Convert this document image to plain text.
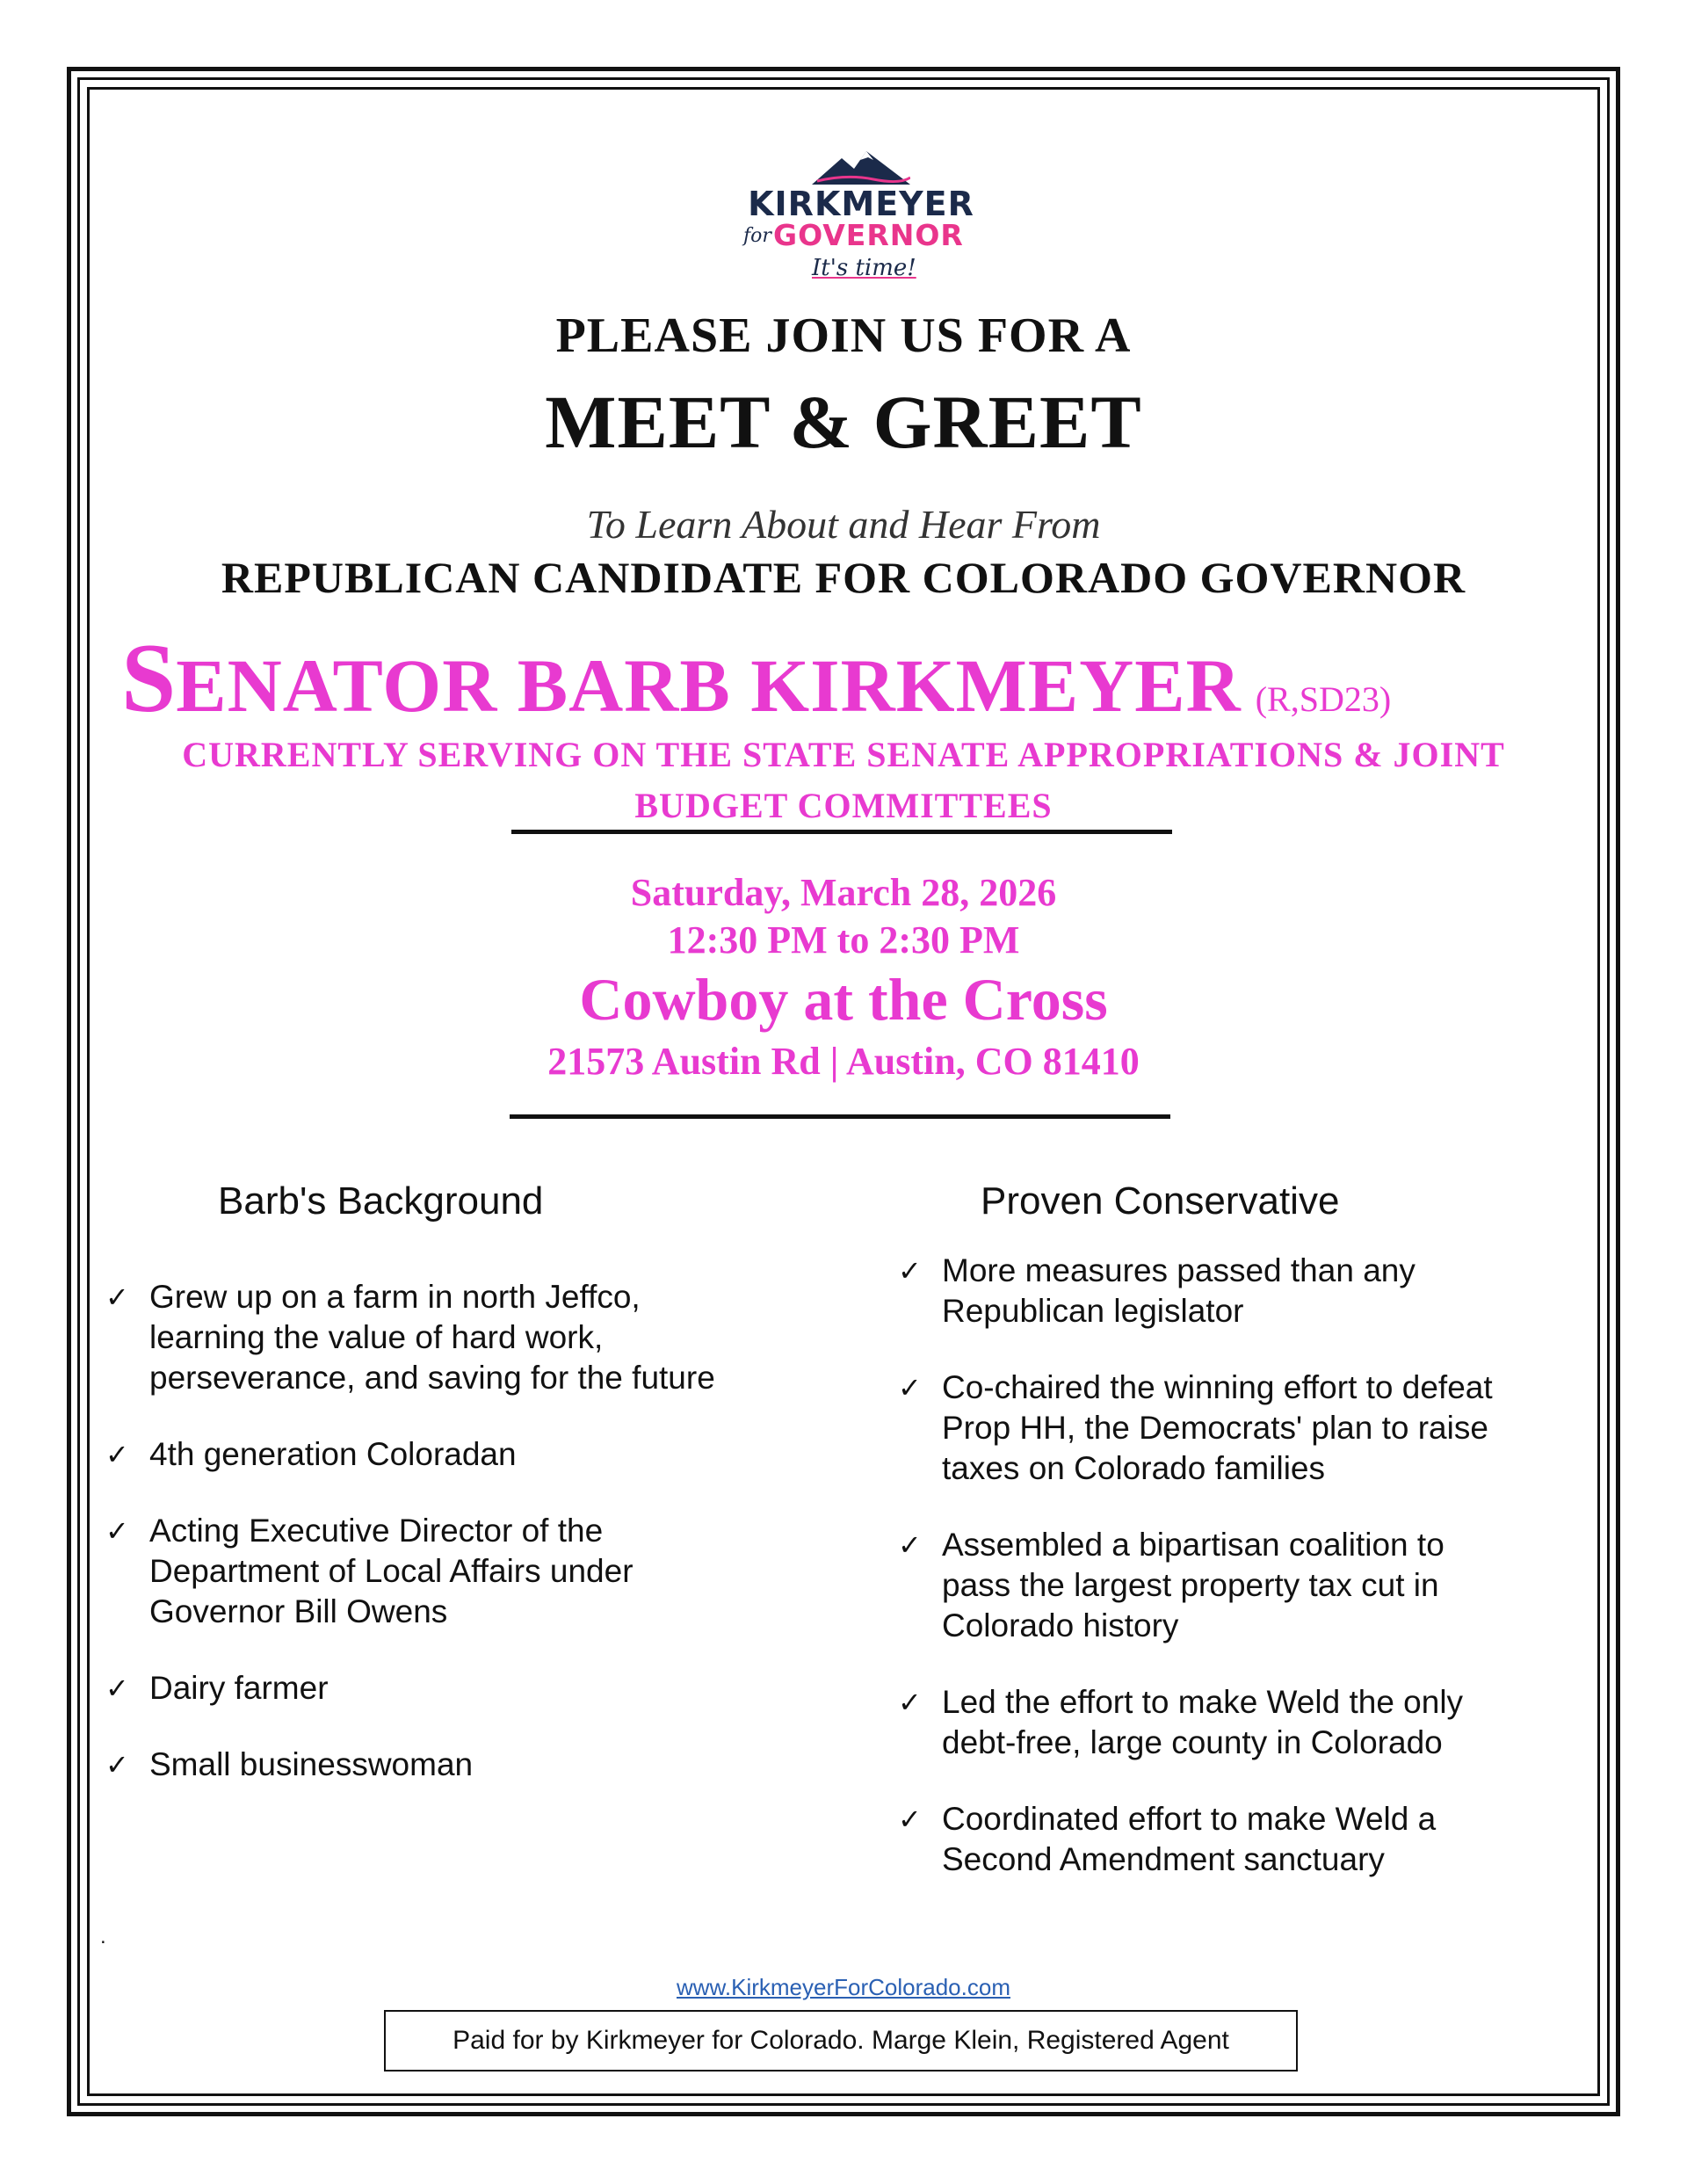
KIRKMEYER
for GOVERNOR
It's time!
PLEASE JOIN US FOR A
MEET & GREET
To Learn About and Hear From
REPUBLICAN CANDIDATE FOR COLORADO GOVERNOR
SENATOR BARB KIRKMEYER (R,SD23)
CURRENTLY SERVING ON THE STATE SENATE APPROPRIATIONS & JOINT
BUDGET COMMITTEES
Saturday, March 28, 2026
12:30 PM to 2:30 PM
Cowboy at the Cross
21573 Austin Rd | Austin, CO 81410
Barb's Background
✓ Grew up on a farm in north Jeffco,
learning the value of hard work,
perseverance, and saving for the future
✓ 4th generation Coloradan
✓ Acting Executive Director of the
Department of Local Affairs under
Governor Bill Owens
✓ Dairy farmer
✓ Small businesswoman
Proven Conservative
✓ More measures passed than any
Republican legislator
✓ Co-chaired the winning effort to defeat
Prop HH, the Democrats' plan to raise
taxes on Colorado families
✓ Assembled a bipartisan coalition to
pass the largest property tax cut in
Colorado history
✓ Led the effort to make Weld the only
debt-free, large county in Colorado
✓ Coordinated effort to make Weld a
Second Amendment sanctuary
.
www.KirkmeyerForColorado.com
Paid for by Kirkmeyer for Colorado. Marge Klein, Registered Agent
